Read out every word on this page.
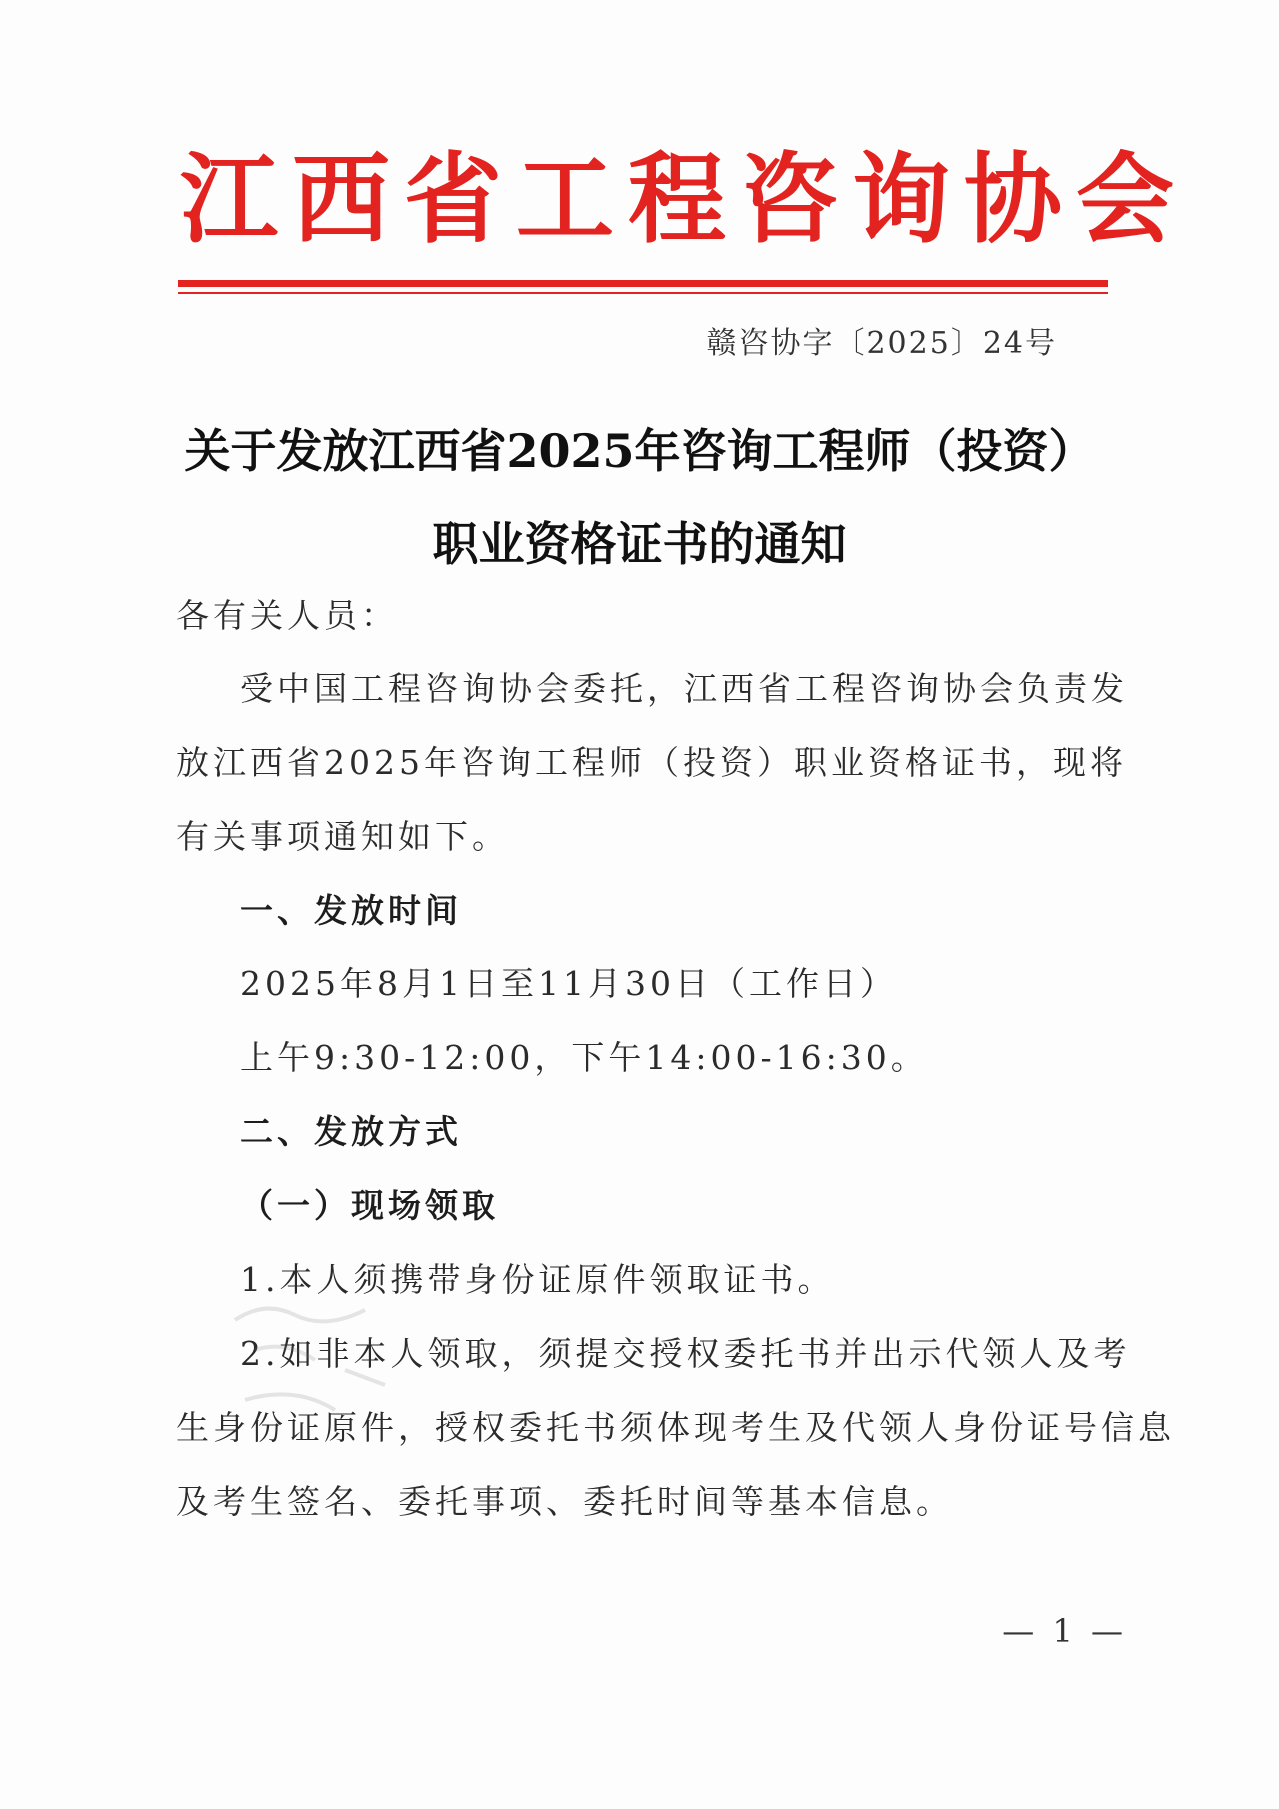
江西省工程咨询协会
赣咨协字〔2025〕24号
关于发放江西省2025年咨询工程师（投资）
职业资格证书的通知
各有关人员：
受中国工程咨询协会委托，江西省工程咨询协会负责发
放江西省2025年咨询工程师（投资）职业资格证书，现将
有关事项通知如下。
一、发放时间
2025年8月1日至11月30日（工作日）
上午9:30-12:00，下午14:00-16:30。
二、发放方式
（一）现场领取
1.本人须携带身份证原件领取证书。
2.如非本人领取，须提交授权委托书并出示代领人及考
生身份证原件，授权委托书须体现考生及代领人身份证号信息
及考生签名、委托事项、委托时间等基本信息。
— 1 —
